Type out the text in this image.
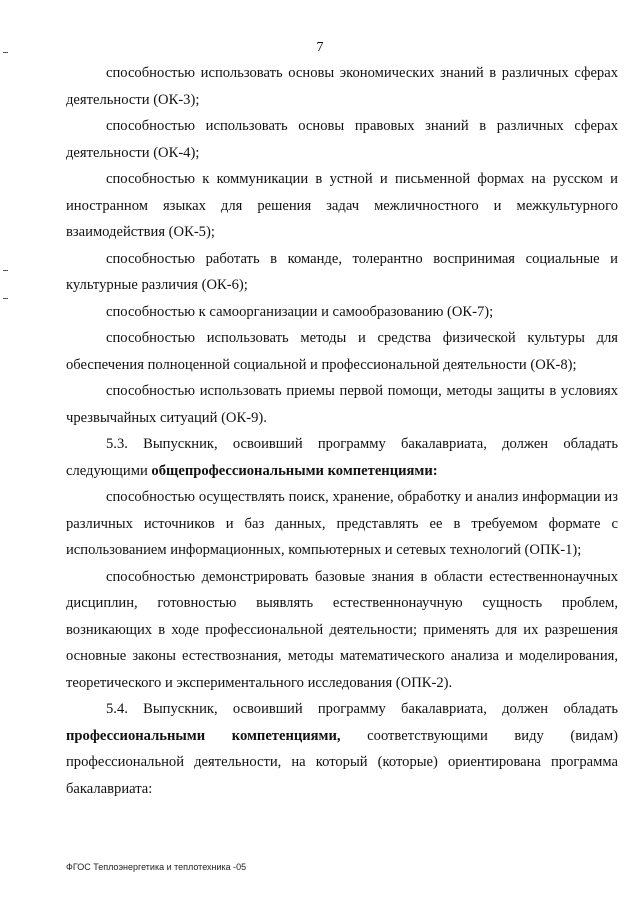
7

способностью использовать основы экономических знаний в различных сферах деятельности (ОК-3);

способностью использовать основы правовых знаний в различных сферах деятельности (ОК-4);

способностью к коммуникации в устной и письменной формах на русском и иностранном языках для решения задач межличностного и межкультурного взаимодействия (ОК-5);

способностью работать в команде, толерантно воспринимая социальные и культурные различия (ОК-6);

способностью к самоорганизации и самообразованию (ОК-7);

способностью использовать методы и средства физической культуры для обеспечения полноценной социальной и профессиональной деятельности (ОК-8);

способностью использовать приемы первой помощи, методы защиты в условиях чрезвычайных ситуаций (ОК-9).

5.3. Выпускник, освоивший программу бакалавриата, должен обладать следующими общепрофессиональными компетенциями:

способностью осуществлять поиск, хранение, обработку и анализ информации из различных источников и баз данных, представлять ее в требуемом формате с использованием информационных, компьютерных и сетевых технологий (ОПК-1);

способностью демонстрировать базовые знания в области естественнонаучных дисциплин, готовностью выявлять естественнонаучную сущность проблем, возникающих в ходе профессиональной деятельности; применять для их разрешения основные законы естествознания, методы математического анализа и моделирования, теоретического и экспериментального исследования (ОПК-2).

5.4. Выпускник, освоивший программу бакалавриата, должен обладать профессиональными компетенциями, соответствующими виду (видам) профессиональной деятельности, на который (которые) ориентирована программа бакалавриата:

ФГОС Теплоэнергетика и теплотехника -05
